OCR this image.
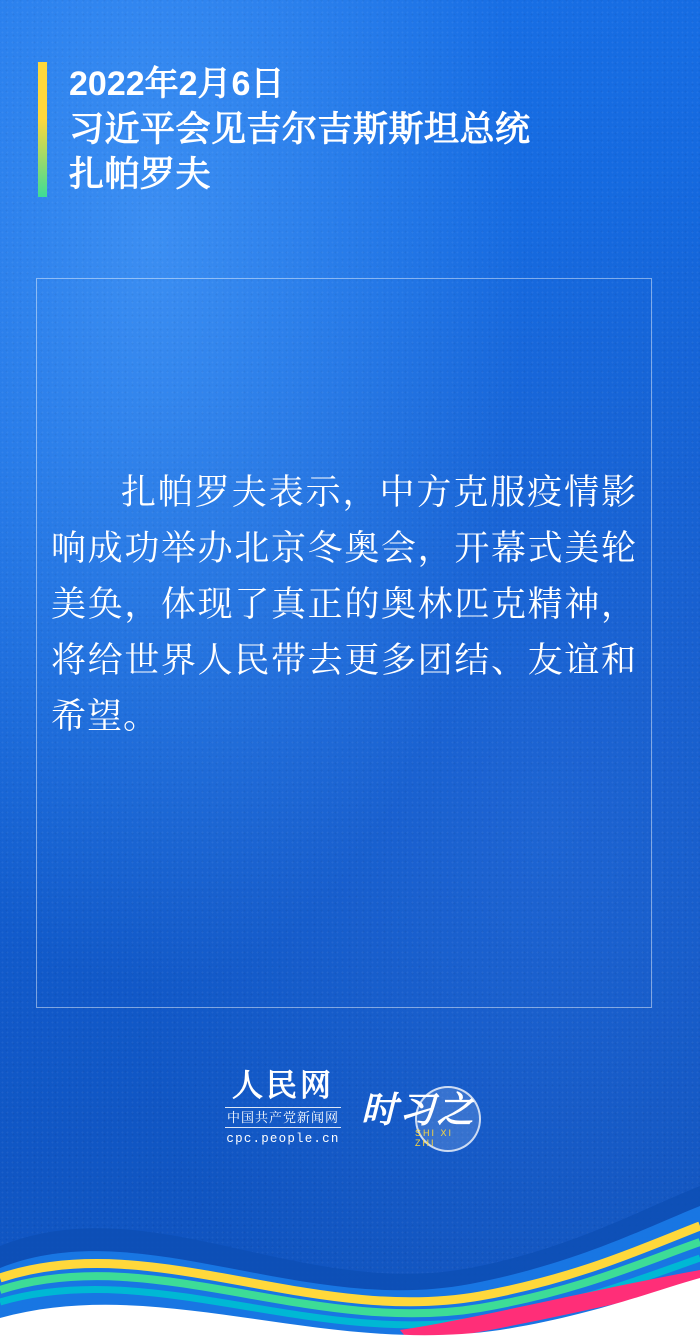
2022年2月6日
习近平会见吉尔吉斯斯坦总统
扎帕罗夫
扎帕罗夫表示，中方克服疫情影响成功举办北京冬奥会，开幕式美轮美奂，体现了真正的奥林匹克精神，将给世界人民带去更多团结、友谊和希望。
人民网
中国共产党新闻网
cpc.people.cn
时习之
SHI XI ZHI
